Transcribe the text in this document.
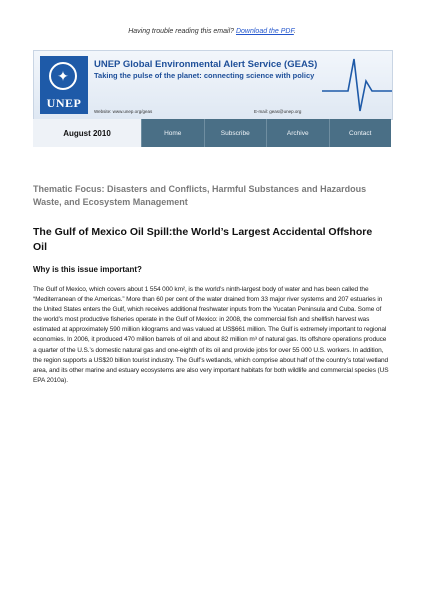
Having trouble reading this email? Download the PDF.
✦
UNEP
UNEP Global Environmental Alert Service (GEAS)
Taking the pulse of the planet: connecting science with policy
Website: www.unep.org/geas	E-mail: geas@unep.org
August 2010	Home	Subscribe	Archive	Contact
Thematic Focus: Disasters and Conflicts, Harmful Substances and Hazardous Waste, and Ecosystem Management
The Gulf of Mexico Oil Spill:the World’s Largest Accidental Offshore Oil
Why is this issue important?
The Gulf of Mexico, which covers about 1 554 000 km², is the world’s ninth-largest body of water and has been called the “Mediterranean of the Americas.” More than 60 per cent of the water drained from 33 major river systems and 207 estuaries in the United States enters the Gulf, which receives additional freshwater inputs from the Yucatan Peninsula and Cuba. Some of the world’s most productive fisheries operate in the Gulf of Mexico: in 2008, the commercial fish and shellfish harvest was estimated at approximately 590 million kilograms and was valued at US$661 million. The Gulf is extremely important to regional economies. In 2006, it produced 470 million barrels of oil and about 82 million m³ of natural gas. Its offshore operations produce a quarter of the U.S.’s domestic natural gas and one-eighth of its oil and provide jobs for over 55 000 U.S. workers. In addition, the region supports a US$20 billion tourist industry. The Gulf’s wetlands, which comprise about half of the country’s total wetland area, and its other marine and estuary ecosystems are also very important habitats for both wildlife and commercial species (US EPA 2010a).
